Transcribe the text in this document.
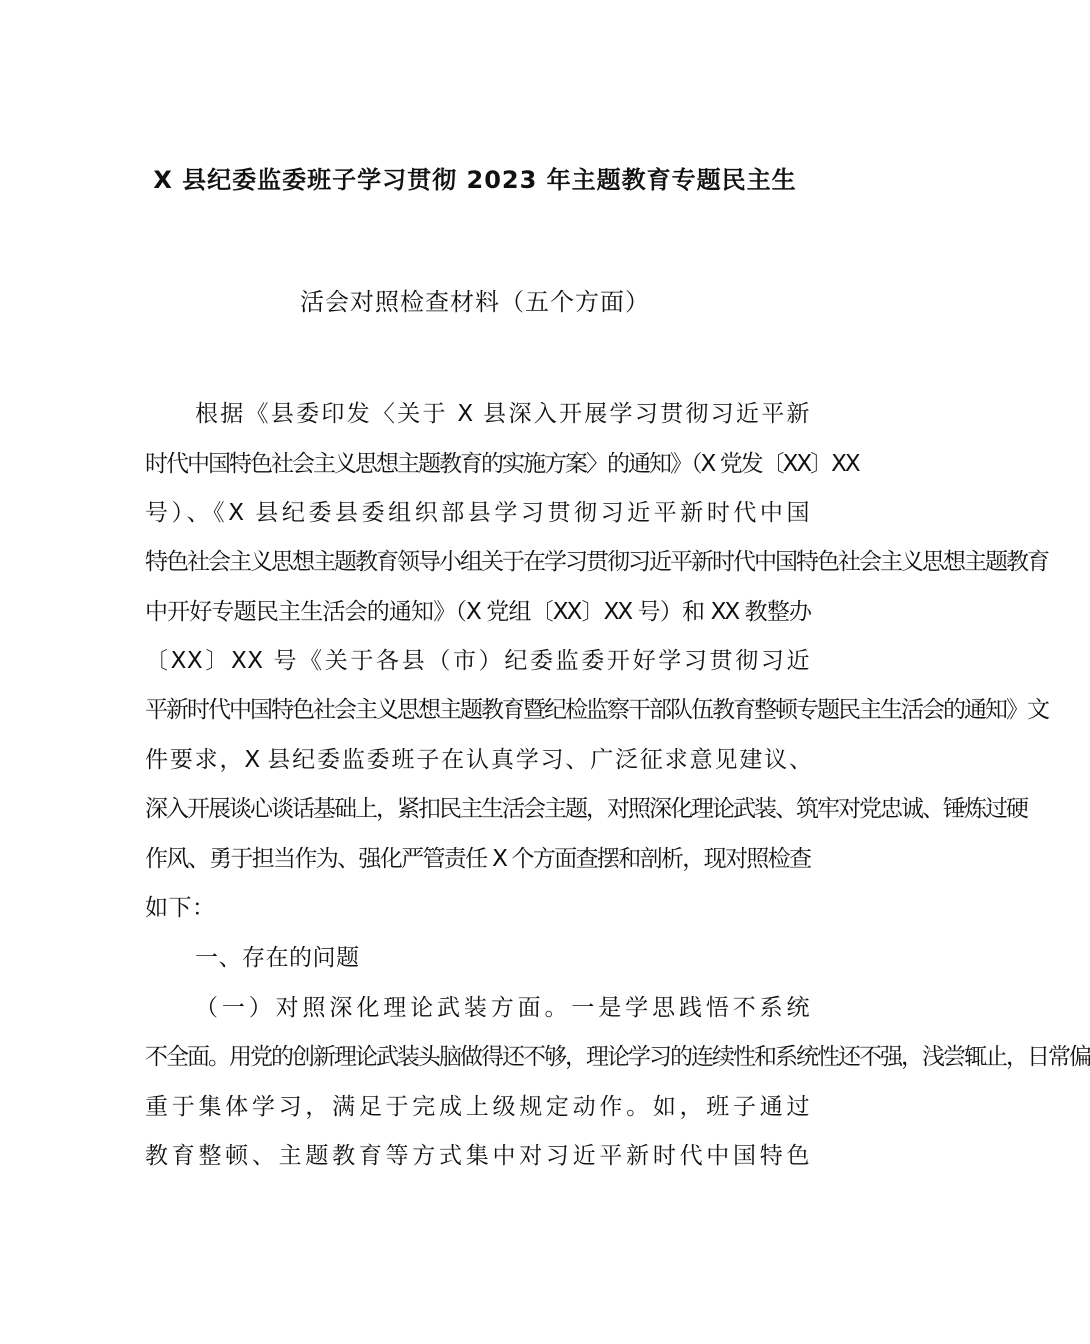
X 县纪委监委班子学习贯彻 2023 年主题教育专题民主生
活会对照检查材料（五个方面）
根据《县委印发〈关于 X 县深入开展学习贯彻习近平新
时代中国特色社会主义思想主题教育的实施方案〉的通知》（X 党发〔XX〕XX
号）、《X 县纪委县委组织部县学习贯彻习近平新时代中国
特色社会主义思想主题教育领导小组关于在学习贯彻习近平新时代中国特色社会主义思想主题教育
中开好专题民主生活会的通知》（X 党组〔XX〕XX 号）和 XX 教整办
〔XX〕XX 号《关于各县（市）纪委监委开好学习贯彻习近
平新时代中国特色社会主义思想主题教育暨纪检监察干部队伍教育整顿专题民主生活会的通知》文
件要求，X 县纪委监委班子在认真学习、广泛征求意见建议、
深入开展谈心谈话基础上，紧扣民主生活会主题，对照深化理论武装、筑牢对党忠诚、锤炼过硬
作风、勇于担当作为、强化严管责任 X 个方面查摆和剖析，现对照检查
如下：
一、存在的问题
（一）对照深化理论武装方面。一是学思践悟不系统
不全面。用党的创新理论武装头脑做得还不够，理论学习的连续性和系统性还不强，浅尝辄止，日常偏
重于集体学习，满足于完成上级规定动作。如，班子通过
教育整顿、主题教育等方式集中对习近平新时代中国特色
